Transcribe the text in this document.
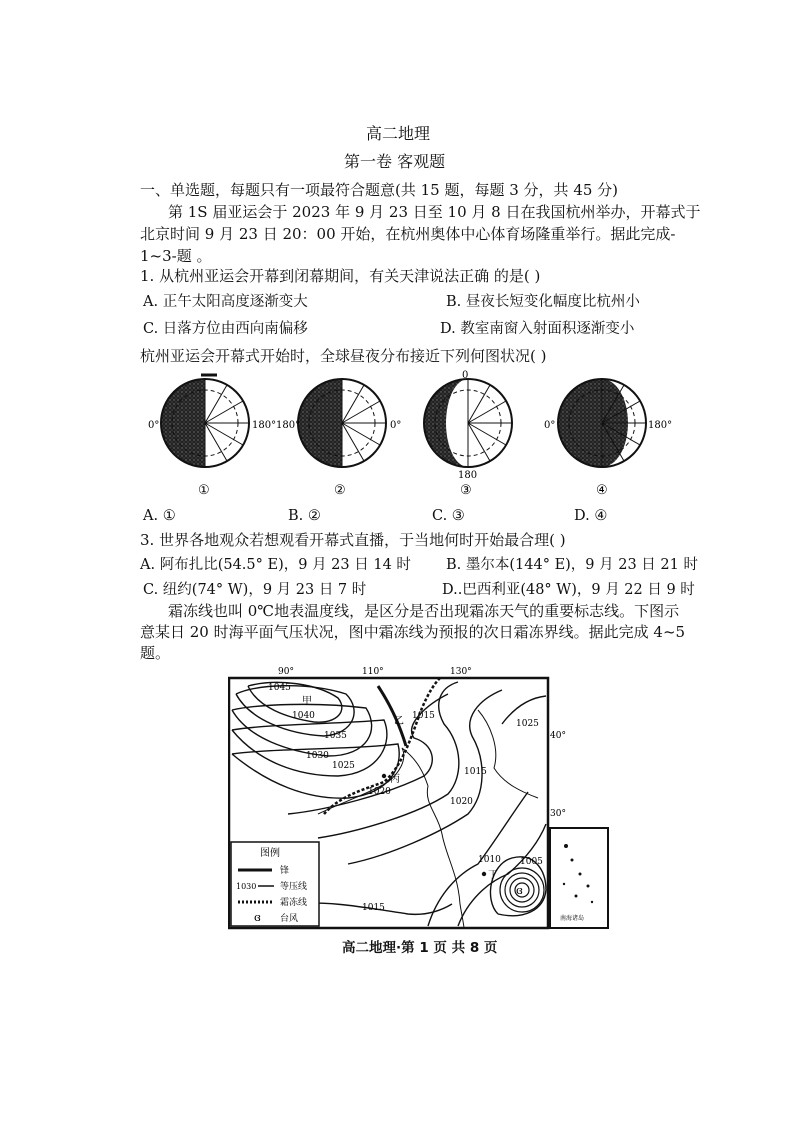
高二地理
第一卷 客观题
一、单选题，每题只有一项最符合题意(共 15 题，每题 3 分，共 45 分)
第 1S 届亚运会于 2023 年 9 月 23 日至 10 月 8 日在我国杭州举办，开幕式于
北京时间 9 月 23 日 20：00 开始，在杭州奥体中心体育场隆重举行。据此完成-
1~3-题 。
1. 从杭州亚运会开幕到闭幕期间，有关天津说法正确 的是( )
A. 正午太阳高度逐渐变大	B. 昼夜长短变化幅度比杭州小
C. 日落方位由西向南偏移	D. 教室南窗入射面积逐渐变小
杭州亚运会开幕式开始时，全球昼夜分布接近下列何图状况( )
0°	180° 180°	0°
0
180
0°	180°
①	②	③	④
A. ①	B. ②	C. ③	D. ④
3. 世界各地观众若想观看开幕式直播，于当地何时开始最合理( )
A. 阿布扎比(54.5° E)，9 月 23 日 14 时 B. 墨尔本(144° E)，9 月 23 日 21 时
C. 纽约(74° W)，9 月 23 日 7 时	D..巴西利亚(48° W)，9 月 22 日 9 时
霜冻线也叫 0℃地表温度线，是区分是否出现霜冻天气的重要标志线。下图示
意某日 20 时海平面气压状况，图中霜冻线为预报的次日霜冻界线。据此完成 4~5
题。
南海诸岛
90°	110°	130°
40°
30°
ɞ
1045
1040
1035
1030
1025
1020
1015
1015
1025
1020
1010 1005
1015
甲
乙
丙
丁
图例
锋
1030	等压线
霜冻线
ɞ 台风
高二地理·第 1 页 共 8 页
